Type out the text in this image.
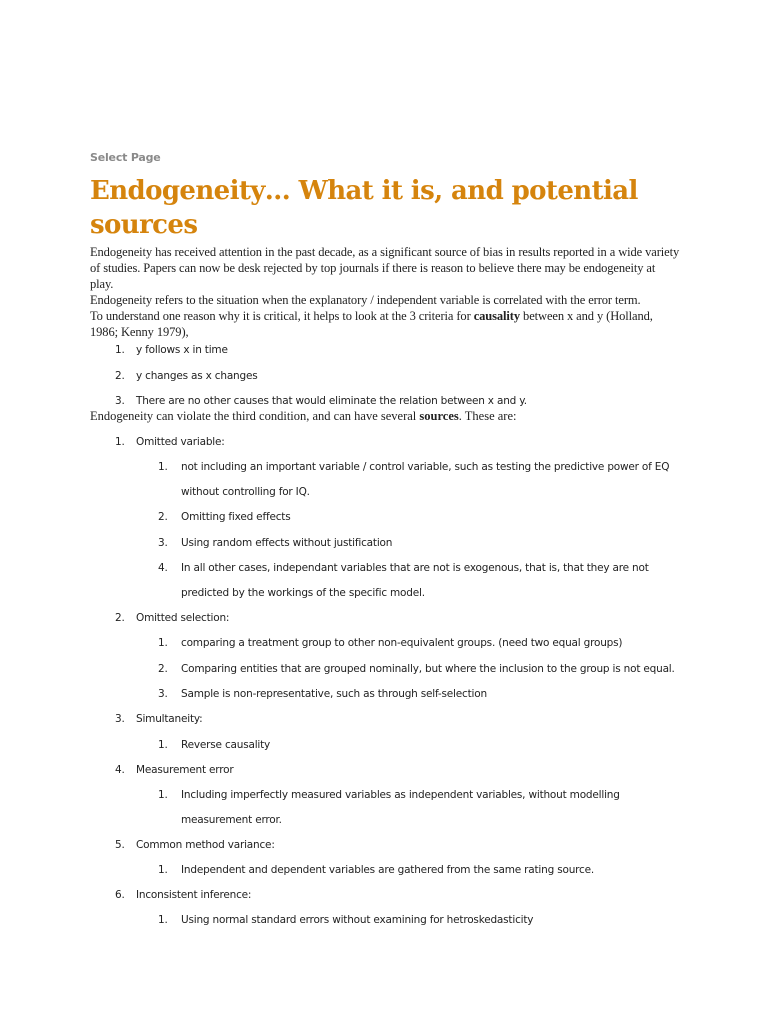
Select Page
Endogeneity… What it is, and potential sources

Endogeneity has received attention in the past decade, as a significant source of bias in results reported in a wide variety of studies. Papers can now be desk rejected by top journals if there is reason to believe there may be endogeneity at play.

Endogeneity refers to the situation when the explanatory / independent variable is correlated with the error term.

To understand one reason why it is critical, it helps to look at the 3 criteria for causality between x and y (Holland, 1986; Kenny 1979),

1. y follows x in time
2. y changes as x changes
3. There are no other causes that would eliminate the relation between x and y.
Endogeneity can violate the third condition, and can have several sources. These are:
1. Omitted variable:
1. not including an important variable / control variable, such as testing the predictive power of EQ
without controlling for IQ.
2. Omitting fixed effects
3. Using random effects without justification
4. In all other cases, independant variables that are not is exogenous, that is, that they are not
predicted by the workings of the specific model.
2. Omitted selection:
1. comparing a treatment group to other non-equivalent groups. (need two equal groups)
2. Comparing entities that are grouped nominally, but where the inclusion to the group is not equal.
3. Sample is non-representative, such as through self-selection
3. Simultaneity:
1. Reverse causality
4. Measurement error
1. Including imperfectly measured variables as independent variables, without modelling
measurement error.
5. Common method variance:
1. Independent and dependent variables are gathered from the same rating source.
6. Inconsistent inference:
1. Using normal standard errors without examining for hetroskedasticity
